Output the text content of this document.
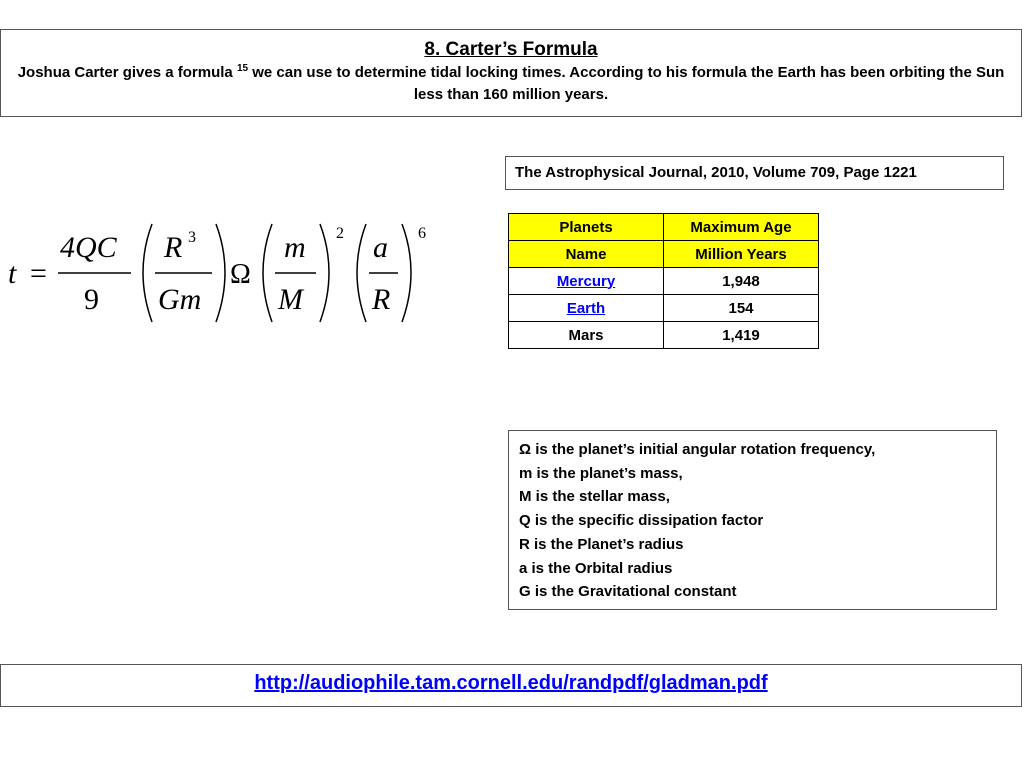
8. Carter’s Formula
Joshua Carter gives a formula $^{15}$ we can use to determine tidal locking times. According to his formula the Earth has been orbiting the Sun less than 160 million years.
The Astrophysical Journal, 2010, Volume 709, Page 1221
t =
4QC
9
R 3
Gm
Ω
m
M
2 a
R
6	Planets	Maximum Age
Name	Million Years
Mercury	1,948
Earth	154
Mars	1,419
Ω is the planet’s initial angular rotation frequency,
m is the planet’s mass,
M is the stellar mass,
Q is the specific dissipation factor
R is the Planet’s radius
a is the Orbital radius
G is the Gravitational constant
http://audiophile.tam.cornell.edu/randpdf/gladman.pdf
